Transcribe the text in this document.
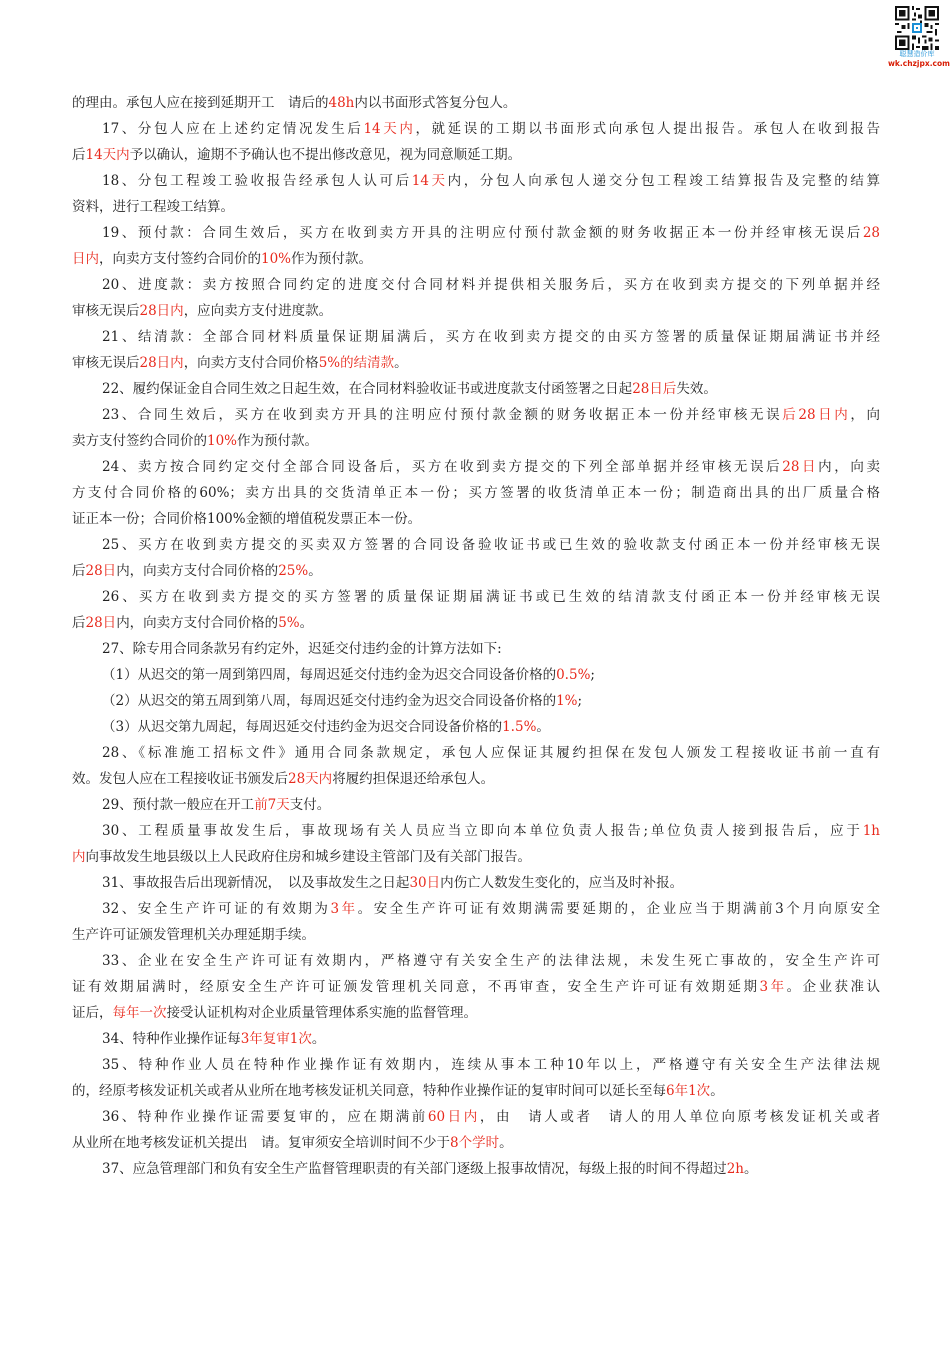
聪慧造价库
wk.chzjpx.com
的理由。承包人应在接到延期开工　请后的48h内以书面形式答复分包人。
17、分包人应在上述约定情况发生后14天内，就延误的工期以书面形式向承包人提出报告。承包人在收到报告
后14天内予以确认，逾期不予确认也不提出修改意见，视为同意顺延工期。
18、分包工程竣工验收报告经承包人认可后14天内，分包人向承包人递交分包工程竣工结算报告及完整的结算
资料，进行工程竣工结算。
19、预付款：合同生效后，买方在收到卖方开具的注明应付预付款金额的财务收据正本一份并经审核无误后28
日内，向卖方支付签约合同价的10%作为预付款。
20、进度款：卖方按照合同约定的进度交付合同材料并提供相关服务后，买方在收到卖方提交的下列单据并经
审核无误后28日内，应向卖方支付进度款。
21、结清款：全部合同材料质量保证期届满后，买方在收到卖方提交的由买方签署的质量保证期届满证书并经
审核无误后28日内，向卖方支付合同价格5%的结清款。
22、履约保证金自合同生效之日起生效，在合同材料验收证书或进度款支付函签署之日起28日后失效。
23、合同生效后，买方在收到卖方开具的注明应付预付款金额的财务收据正本一份并经审核无误后28日内，向
卖方支付签约合同价的10%作为预付款。
24、卖方按合同约定交付全部合同设备后，买方在收到卖方提交的下列全部单据并经审核无误后28日内，向卖
方支付合同价格的60%；卖方出具的交货清单正本一份；买方签署的收货清单正本一份；制造商出具的出厂质量合格
证正本一份；合同价格100%金额的增值税发票正本一份。
25、买方在收到卖方提交的买卖双方签署的合同设备验收证书或已生效的验收款支付函正本一份并经审核无误
后28日内，向卖方支付合同价格的25%。
26、买方在收到卖方提交的买方签署的质量保证期届满证书或已生效的结清款支付函正本一份并经审核无误
后28日内，向卖方支付合同价格的5%。
27、除专用合同条款另有约定外，迟延交付违约金的计算方法如下:
（1）从迟交的第一周到第四周，每周迟延交付违约金为迟交合同设备价格的0.5%;
（2）从迟交的第五周到第八周，每周迟延交付违约金为迟交合同设备价格的1%;
（3）从迟交第九周起，每周迟延交付违约金为迟交合同设备价格的1.5%。
28、《标准施工招标文件》通用合同条款规定，承包人应保证其履约担保在发包人颁发工程接收证书前一直有
效。发包人应在工程接收证书颁发后28天内将履约担保退还给承包人。
29、预付款一般应在开工前7天支付。
30、工程质量事故发生后，事故现场有关人员应当立即向本单位负责人报告;单位负责人接到报告后，应于1h
内向事故发生地县级以上人民政府住房和城乡建设主管部门及有关部门报告。
31、事故报告后出现新情况，　以及事故发生之日起30日内伤亡人数发生变化的，应当及时补报。
32、安全生产许可证的有效期为3年。安全生产许可证有效期满需要延期的，企业应当于期满前3个月向原安全
生产许可证颁发管理机关办理延期手续。
33、企业在安全生产许可证有效期内，严格遵守有关安全生产的法律法规，未发生死亡事故的，安全生产许可
证有效期届满时，经原安全生产许可证颁发管理机关同意，不再审查，安全生产许可证有效期延期3年。企业获准认
证后，每年一次接受认证机构对企业质量管理体系实施的监督管理。
34、特种作业操作证每3年复审1次。
35、特种作业人员在特种作业操作证有效期内，连续从事本工种10年以上，严格遵守有关安全生产法律法规
的，经原考核发证机关或者从业所在地考核发证机关同意，特种作业操作证的复审时间可以延长至每6年1次。
36、特种作业操作证需要复审的，应在期满前60日内，由　请人或者　请人的用人单位向原考核发证机关或者
从业所在地考核发证机关提出　请。复审须安全培训时间不少于8个学时。
37、应急管理部门和负有安全生产监督管理职责的有关部门逐级上报事故情况，每级上报的时间不得超过2h。
